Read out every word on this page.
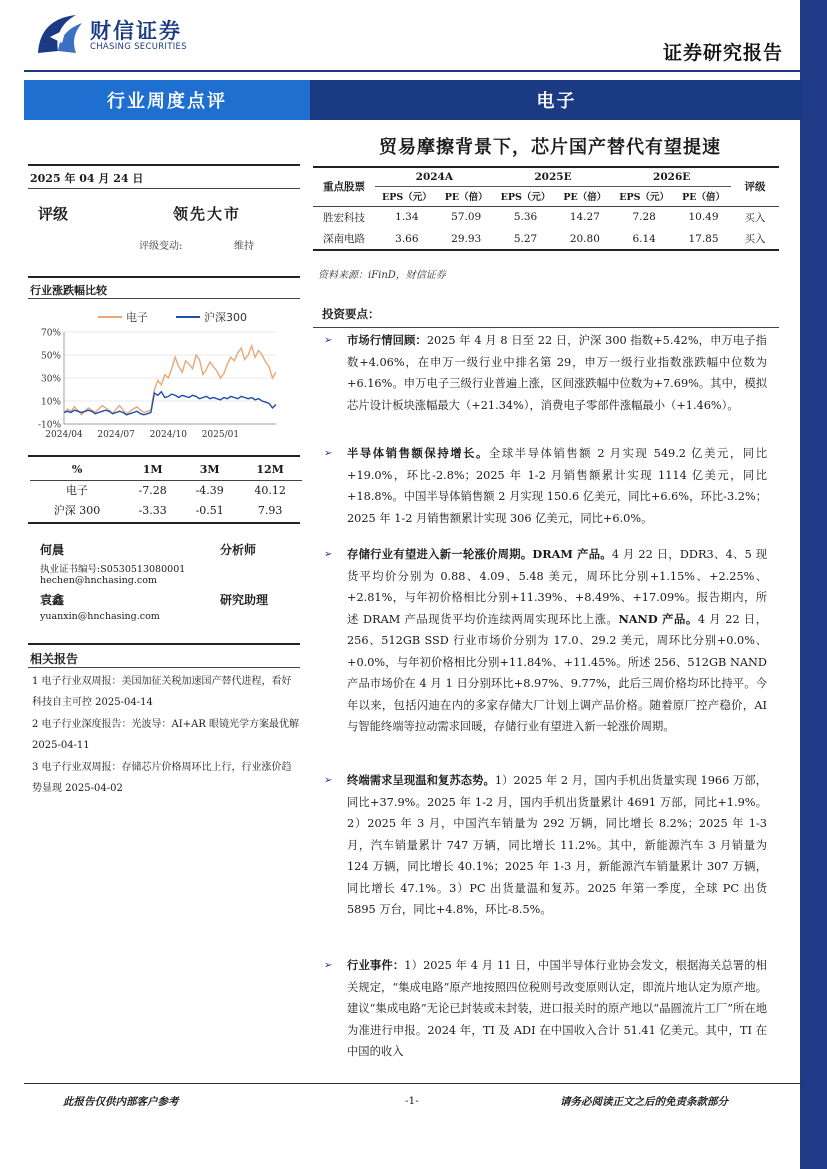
财信证券
CHASING SECURITIES	证券研究报告
行业周度点评	电子
贸易摩擦背景下，芯片国产替代有望提速
2025 年 04 月 24 日
评级	领先大市
评级变动:	维持
行业涨跌幅比较
电子	沪深300
70%
50%
30%
10%
-10%
2024/04 2024/07 2024/10 2025/01
%	1M	3M	12M
电子	-7.28	-4.39	40.12
沪深 300	-3.33	-0.51	7.93
何晨	分析师
执业证书编号:S0530513080001
hechen@hnchasing.com
袁鑫	研究助理
yuanxin@hnchasing.com
相关报告
1 电子行业双周报：美国加征关税加速国产替代进程，看好科技自主可控 2025-04-14
2 电子行业深度报告：光波导：AI+AR 眼镜光学方案最优解 2025-04-11
3 电子行业双周报：存储芯片价格周环比上行，行业涨价趋势显现 2025-04-02
重点股票	2024A		2025E		2026E		评级
	EPS（元）	PE（倍）	EPS（元）	PE（倍）	EPS（元）	PE（倍）	
胜宏科技	1.34	57.09	5.36	14.27	7.28	10.49	买入
深南电路	3.66	29.93	5.27	20.80	6.14	17.85	买入
资料来源：iFinD，财信证券
投资要点：
➢ 市场行情回顾：2025 年 4 月 8 日至 22 日，沪深 300 指数+5.42%，申万电子指数+4.06%，在申万一级行业中排名第 29，申万一级行业指数涨跌幅中位数为+6.16%。申万电子三级行业普遍上涨，区间涨跌幅中位数为+7.69%。其中，模拟芯片设计板块涨幅最大（+21.34%），消费电子零部件涨幅最小（+1.46%）。
➢ 半导体销售额保持增长。全球半导体销售额 2 月实现 549.2 亿美元，同比+19.0%，环比-2.8%；2025 年 1-2 月销售额累计实现 1114 亿美元，同比+18.8%。中国半导体销售额 2 月实现 150.6 亿美元，同比+6.6%，环比-3.2%；2025 年 1-2 月销售额累计实现 306 亿美元，同比+6.0%。
➢ 存储行业有望进入新一轮涨价周期。DRAM 产品。4 月 22 日，DDR3、4、5 现货平均价分别为 0.88、4.09、5.48 美元，周环比分别+1.15%、+2.25%、+2.81%，与年初价格相比分别+11.39%、+8.49%、+17.09%。报告期内，所述 DRAM 产品现货平均价连续两周实现环比上涨。NAND 产品。4 月 22 日，256、512GB SSD 行业市场价分别为 17.0、29.2 美元，周环比分别+0.0%、+0.0%，与年初价格相比分别+11.84%、+11.45%。所述 256、512GB NAND 产品市场价在 4 月 1 日分别环比+8.97%、9.77%，此后三周价格均环比持平。今年以来，包括闪迪在内的多家存储大厂计划上调产品价格。随着原厂控产稳价，AI 与智能终端等拉动需求回暖，存储行业有望进入新一轮涨价周期。
➢ 终端需求呈现温和复苏态势。1）2025 年 2 月，国内手机出货量实现 1966 万部，同比+37.9%。2025 年 1-2 月，国内手机出货量累计 4691 万部，同比+1.9%。2）2025 年 3 月，中国汽车销量为 292 万辆，同比增长 8.2%；2025 年 1-3 月，汽车销量累计 747 万辆，同比增长 11.2%。其中，新能源汽车 3 月销量为 124 万辆，同比增长 40.1%；2025 年 1-3 月，新能源汽车销量累计 307 万辆，同比增长 47.1%。3）PC 出货量温和复苏。2025 年第一季度，全球 PC 出货 5895 万台，同比+4.8%，环比-8.5%。
➢ 行业事件：1）2025 年 4 月 11 日，中国半导体行业协会发文，根据海关总署的相关规定，“集成电路”原产地按照四位税则号改变原则认定，即流片地认定为原产地。建议“集成电路”无论已封装或未封装，进口报关时的原产地以“晶圆流片工厂”所在地为准进行申报。2024 年，TI 及 ADI 在中国收入合计 51.41 亿美元。其中，TI 在中国的收入
此报告仅供内部客户参考	-1-	请务必阅读正文之后的免责条款部分
